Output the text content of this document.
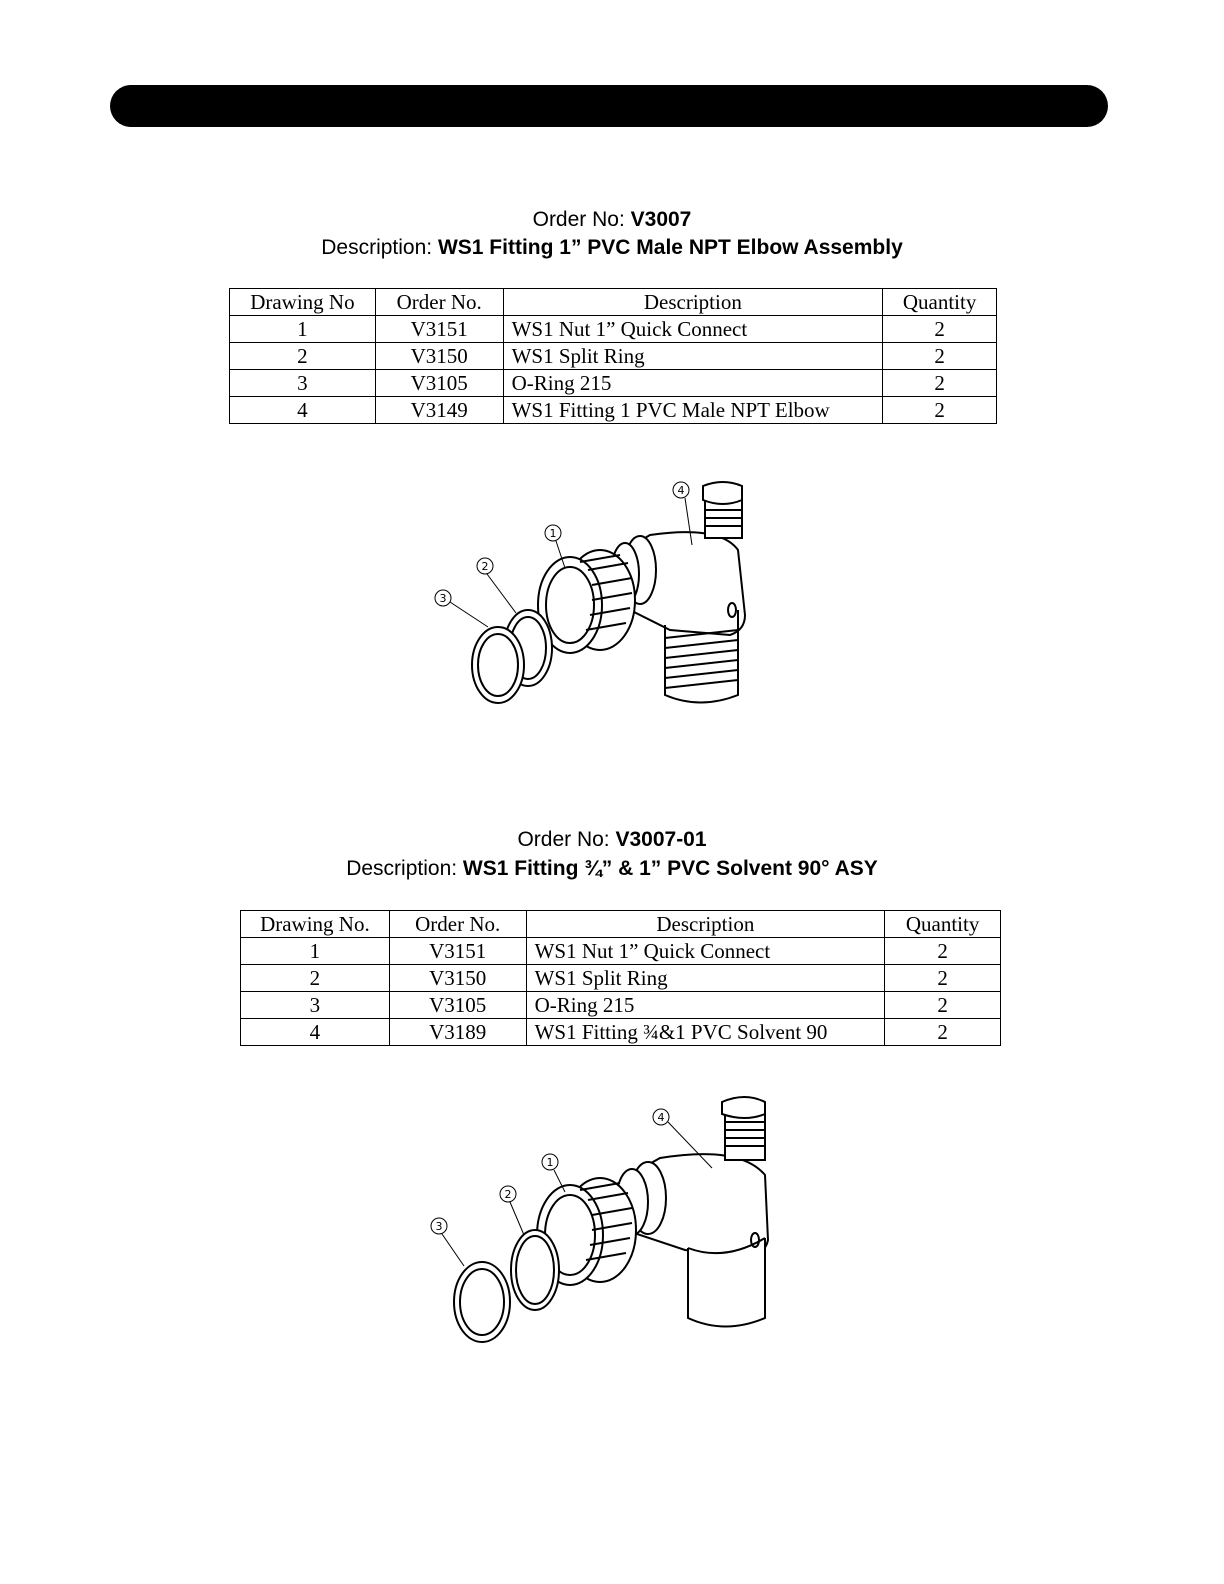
Order No: V3007
Description: WS1 Fitting 1” PVC Male NPT Elbow Assembly
Drawing No	Order No.	Description	Quantity
1	V3151	WS1 Nut 1” Quick Connect	2
2	V3150	WS1 Split Ring	2
3	V3105	O-Ring 215	2
4	V3149	WS1 Fitting 1 PVC Male NPT Elbow	2
4
1
2
3
Order No: V3007-01
Description: WS1 Fitting ¾” & 1” PVC Solvent 90° ASY
Drawing No.	Order No.	Description	Quantity
1	V3151	WS1 Nut 1” Quick Connect	2
2	V3150	WS1 Split Ring	2
3	V3105	O-Ring 215	2
4	V3189	WS1 Fitting ¾&1 PVC Solvent 90	2
4
1
2
3
